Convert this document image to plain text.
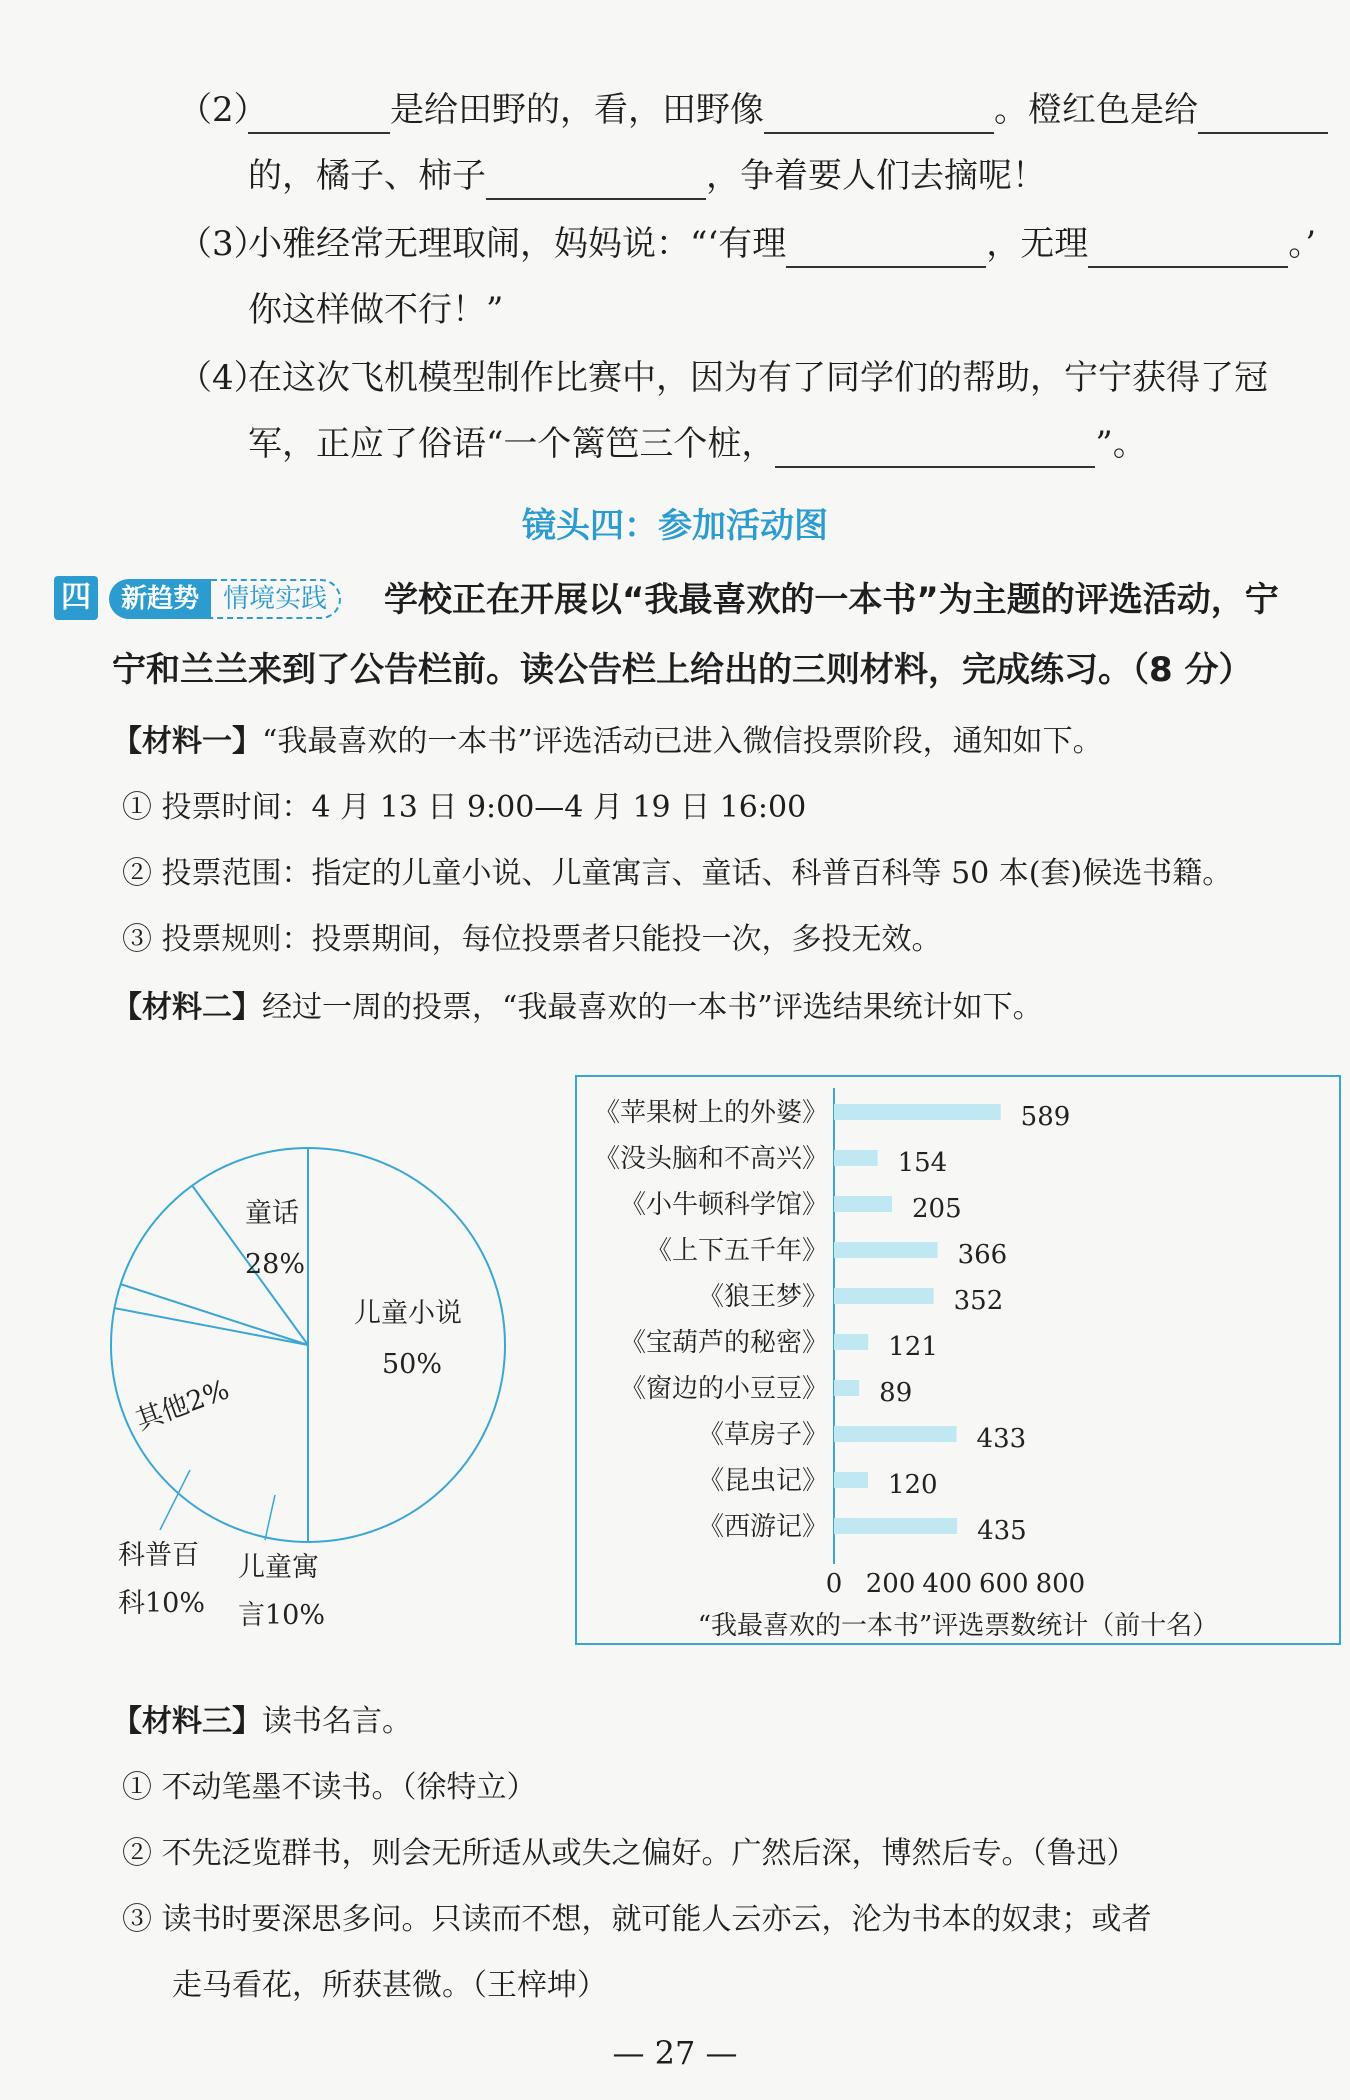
（2）	是给田野的，看，田野像	。橙红色是给
的，橘子、柿子	，争着要人们去摘呢！
（3）
小雅经常无理取闹，妈妈说：“‘有理	，无理	。’
你这样做不行！”
（4）
在这次飞机模型制作比赛中，因为有了同学们的帮助，宁宁获得了冠
军，正应了俗语“一个篱笆三个桩，	”。
镜头四：参加活动图
四 新趋势 情境实践	学校正在开展以“我最喜欢的一本书”为主题的评选活动，宁
宁和兰兰来到了公告栏前。读公告栏上给出的三则材料，完成练习。（8 分）
【材料一】“我最喜欢的一本书”评选活动已进入微信投票阶段，通知如下。
① 投票时间：4 月 13 日 9:00—4 月 19 日 16:00
② 投票范围：指定的儿童小说、儿童寓言、童话、科普百科等 50 本(套)候选书籍。
③ 投票规则：投票期间，每位投票者只能投一次，多投无效。
【材料二】经过一周的投票，“我最喜欢的一本书”评选结果统计如下。
童话
28%
儿童小说
50%
其他2%
科普百
科10%
儿童寓
言10%
《苹果树上的外婆》	589
《没头脑和不高兴》	154
《小牛顿科学馆》	205
《上下五千年》	366
《狼王梦》	352
《宝葫芦的秘密》 121
《窗边的小豆豆》 89
《草房子》	433
《昆虫记》 120
《西游记》	435
0 200 400 600 800
“我最喜欢的一本书”评选票数统计（前十名）
【材料三】读书名言。
① 不动笔墨不读书。（徐特立）
② 不先泛览群书，则会无所适从或失之偏好。广然后深，博然后专。（鲁迅）
③ 读书时要深思多问。只读而不想，就可能人云亦云，沦为书本的奴隶；或者
走马看花，所获甚微。（王梓坤）
— 27 —
